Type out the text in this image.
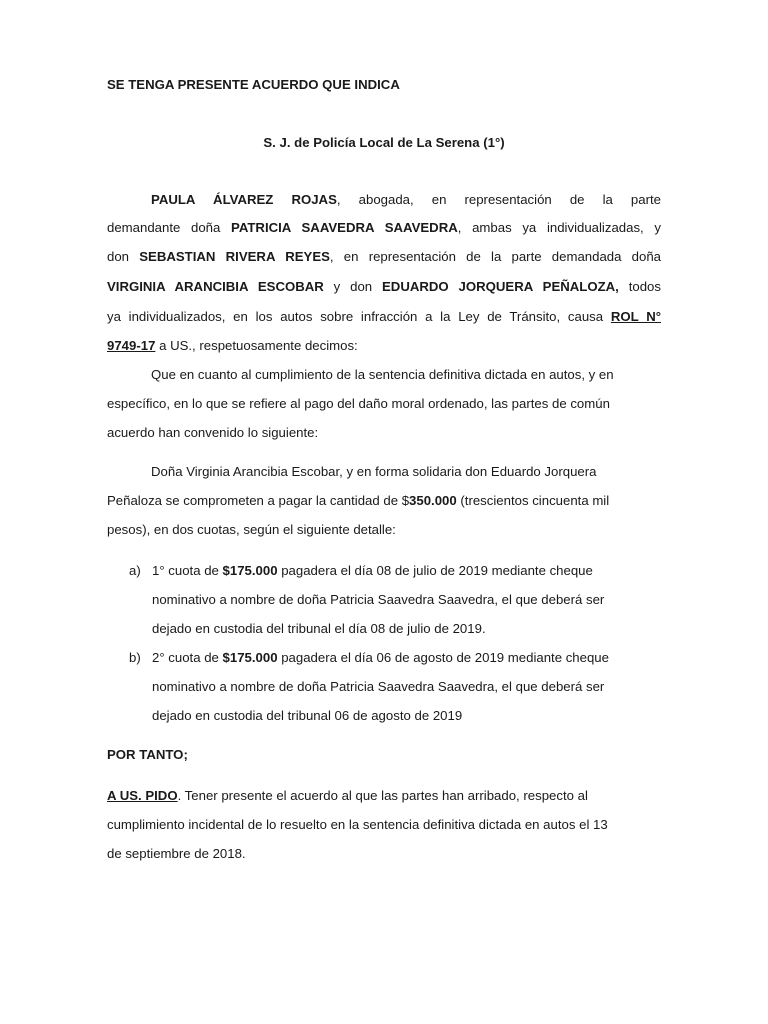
SE TENGA PRESENTE ACUERDO QUE INDICA
S. J. de Policía Local de La Serena (1°)
PAULA ÁLVAREZ ROJAS, abogada, en representación de la parte
demandante doña PATRICIA SAAVEDRA SAAVEDRA, ambas ya individualizadas, y
don SEBASTIAN RIVERA REYES, en representación de la parte demandada doña
VIRGINIA ARANCIBIA ESCOBAR y don EDUARDO JORQUERA PEÑALOZA, todos
ya individualizados, en los autos sobre infracción a la Ley de Tránsito, causa ROL N°
9749-17 a US., respetuosamente decimos:
Que en cuanto al cumplimiento de la sentencia definitiva dictada en autos, y en
específico, en lo que se refiere al pago del daño moral ordenado, las partes de común
acuerdo han convenido lo siguiente:
Doña Virginia Arancibia Escobar, y en forma solidaria don Eduardo Jorquera
Peñaloza se comprometen a pagar la cantidad de $350.000 (trescientos cincuenta mil
pesos), en dos cuotas, según el siguiente detalle:
a) 1° cuota de $175.000 pagadera el día 08 de julio de 2019 mediante cheque
nominativo a nombre de doña Patricia Saavedra Saavedra, el que deberá ser
dejado en custodia del tribunal el día 08 de julio de 2019.
b) 2° cuota de $175.000 pagadera el día 06 de agosto de 2019 mediante cheque
nominativo a nombre de doña Patricia Saavedra Saavedra, el que deberá ser
dejado en custodia del tribunal 06 de agosto de 2019
POR TANTO;
A US. PIDO. Tener presente el acuerdo al que las partes han arribado, respecto al
cumplimiento incidental de lo resuelto en la sentencia definitiva dictada en autos el 13
de septiembre de 2018.
